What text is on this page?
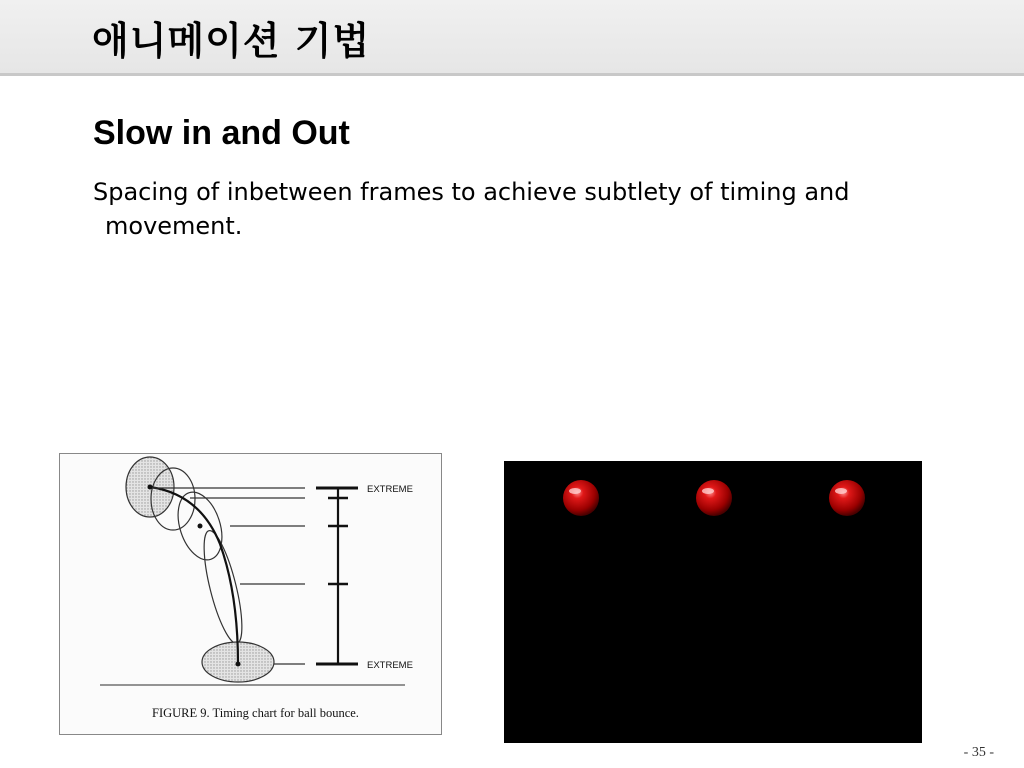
애니메이션 기법
Slow in and Out
Spacing of inbetween frames to achieve subtlety of timing and
movement.
EXTREME
EXTREME
FIGURE 9. Timing chart for ball bounce.
- 35 -
